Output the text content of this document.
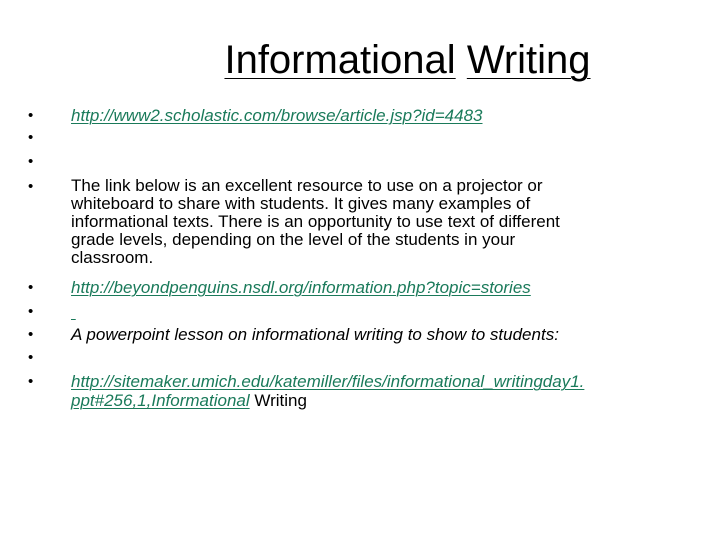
Informational Writing
•	http://www2.scholastic.com/browse/article.jsp?id=4483
•
•
•	The link below is an excellent resource to use on a projector or
whiteboard to share with students. It gives many examples of
informational texts. There is an opportunity to use text of different
grade levels, depending on the level of the students in your
classroom.
•	http://beyondpenguins.nsdl.org/information.php?topic=stories
•

•	A powerpoint lesson on informational writing to show to students:
•
•	http://sitemaker.umich.edu/katemiller/files/informational_writingday1.
ppt#256,1,Informational Writing
